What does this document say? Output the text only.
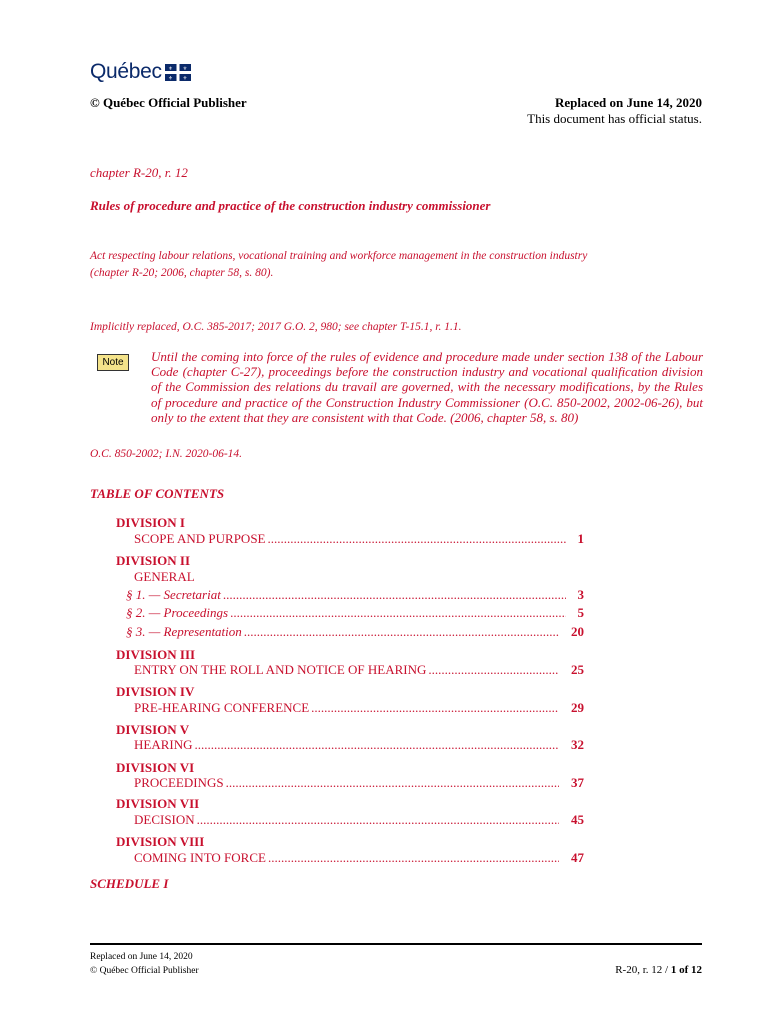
Québec ⚜ ⚜
⚜ ⚜
© Québec Official Publisher	Replaced on June 14, 2020
This document has official status.
chapter R-20, r. 12
Rules of procedure and practice of the construction industry commissioner
Act respecting labour relations, vocational training and workforce management in the construction industry
(chapter R-20; 2006, chapter 58, s. 80).
Implicitly replaced, O.C. 385-2017; 2017 G.O. 2, 980; see chapter T-15.1, r. 1.1.
Note	Until the coming into force of the rules of evidence and procedure made under section 138 of the Labour Code (chapter C-27), proceedings before the construction industry and vocational qualification division of the Commission des relations du travail are governed, with the necessary modifications, by the Rules of procedure and practice of the Construction Industry Commissioner (O.C. 850-2002, 2002-06-26), but only to the extent that they are consistent with that Code. (2006, chapter 58, s. 80)
O.C. 850-2002; I.N. 2020-06-14.
TABLE OF CONTENTS
DIVISION I
SCOPE AND PURPOSE .....	1
DIVISION II
GENERAL
§ 1. — Secretariat .....	3
§ 2. — Proceedings .....	5
§ 3. — Representation .....	20
DIVISION III
ENTRY ON THE ROLL AND NOTICE OF HEARING .....	25
DIVISION IV
PRE-HEARING CONFERENCE .....	29
DIVISION V
HEARING .....	32
DIVISION VI
PROCEEDINGS .....	37
DIVISION VII
DECISION .....	45
DIVISION VIII
COMING INTO FORCE .....	47
SCHEDULE I
Replaced on June 14, 2020
© Québec Official Publisher	R-20, r. 12 / 1 of 12
